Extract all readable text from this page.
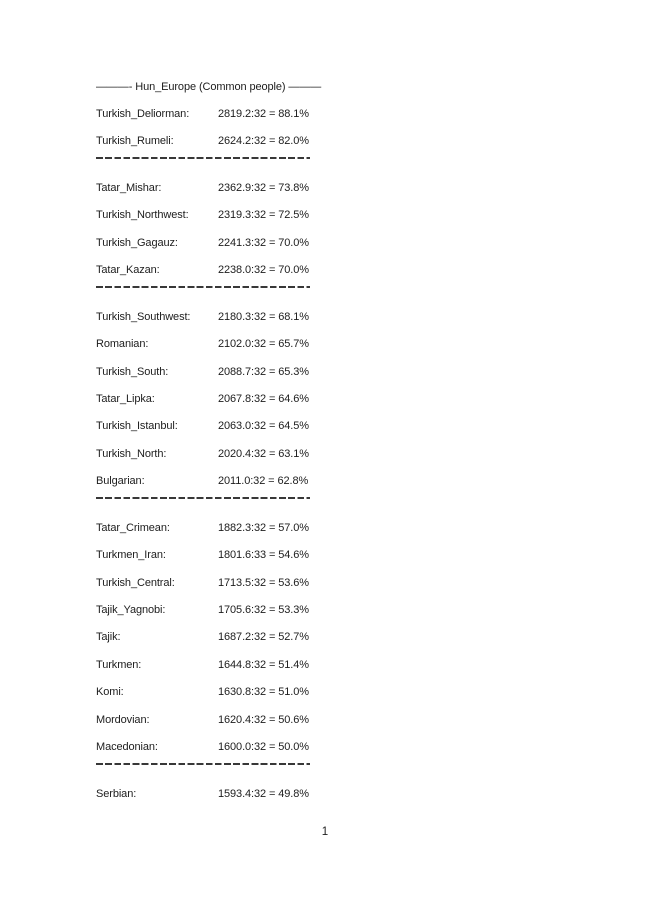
———- Hun_Europe (Common people) ———
Turkish_Deliorman:	2819.2:32 = 88.1%
Turkish_Rumeli:	2624.2:32 = 82.0%
Tatar_Mishar:	2362.9:32 = 73.8%
Turkish_Northwest:	2319.3:32 = 72.5%
Turkish_Gagauz:	2241.3:32 = 70.0%
Tatar_Kazan:	2238.0:32 = 70.0%
Turkish_Southwest:	2180.3:32 = 68.1%
Romanian:	2102.0:32 = 65.7%
Turkish_South:	2088.7:32 = 65.3%
Tatar_Lipka:	2067.8:32 = 64.6%
Turkish_Istanbul:	2063.0:32 = 64.5%
Turkish_North:	2020.4:32 = 63.1%
Bulgarian:	2011.0:32 = 62.8%
Tatar_Crimean:	1882.3:32 = 57.0%
Turkmen_Iran:	1801.6:33 = 54.6%
Turkish_Central:	1713.5:32 = 53.6%
Tajik_Yagnobi:	1705.6:32 = 53.3%
Tajik:	1687.2:32 = 52.7%
Turkmen:	1644.8:32 = 51.4%
Komi:	1630.8:32 = 51.0%
Mordovian:	1620.4:32 = 50.6%
Macedonian:	1600.0:32 = 50.0%
Serbian:	1593.4:32 = 49.8%
1
